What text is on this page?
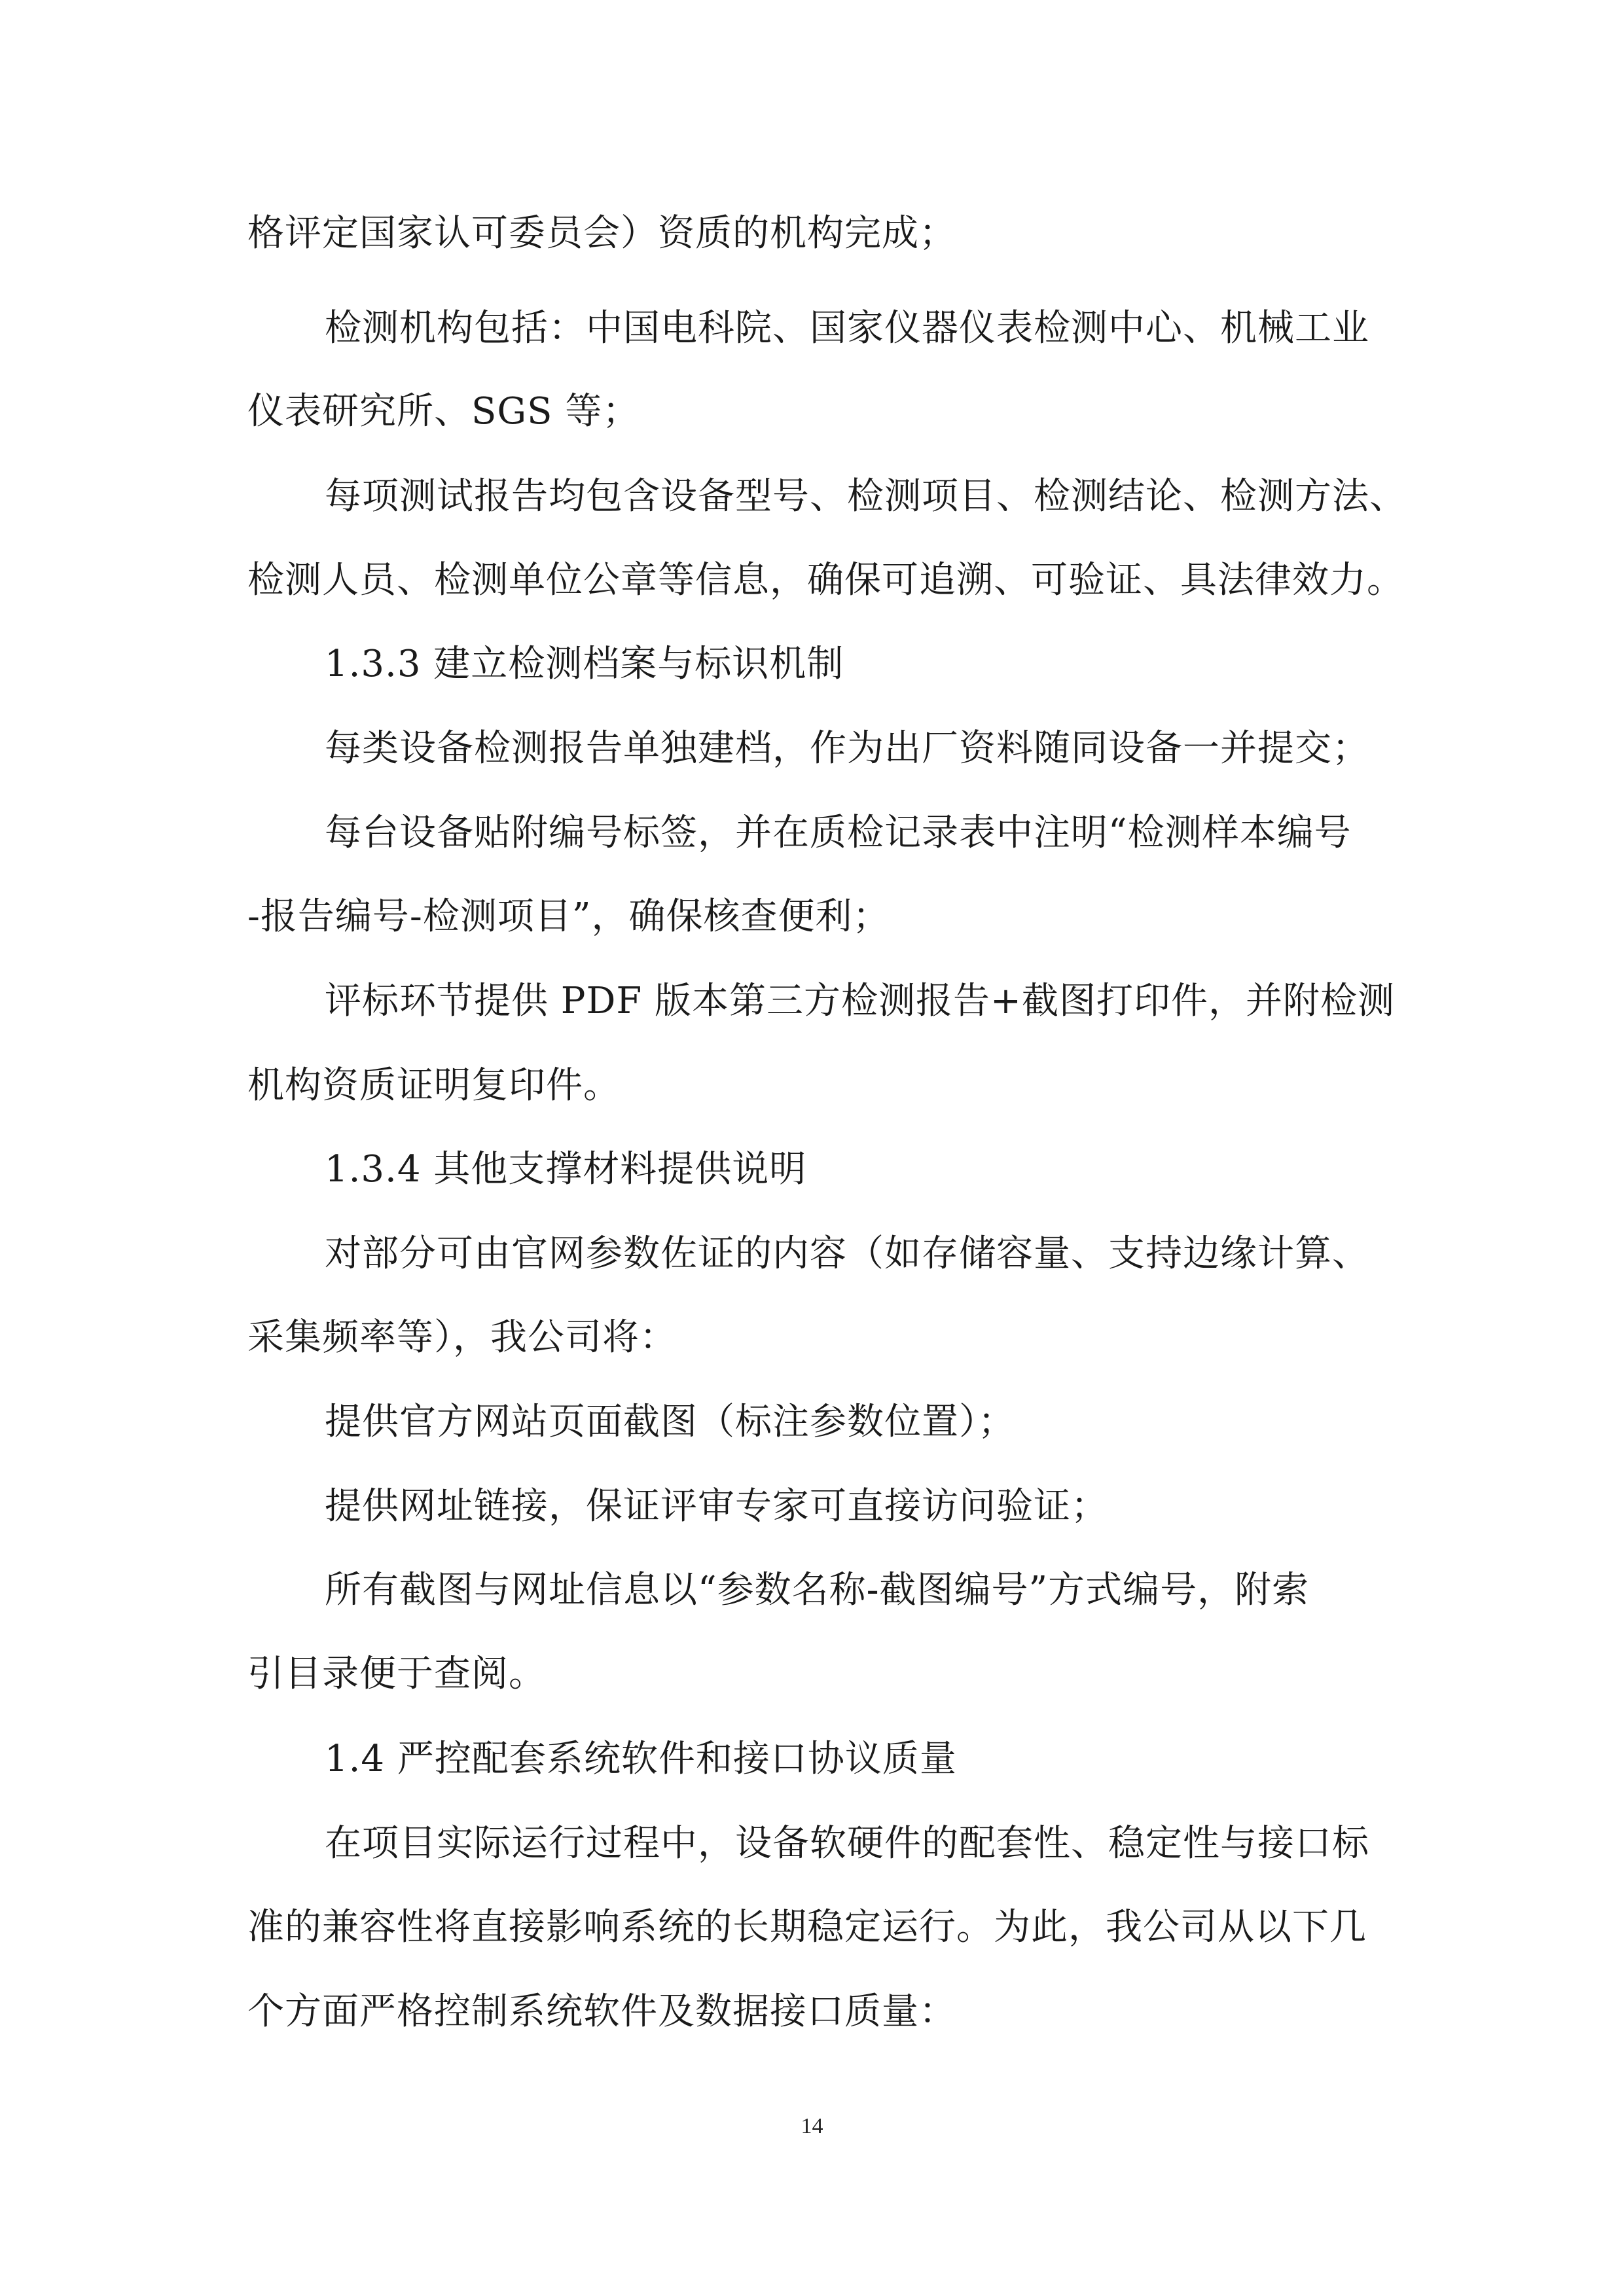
格评定国家认可委员会）资质的机构完成；
检测机构包括：中国电科院、国家仪器仪表检测中心、机械工业
仪表研究所、SGS 等；
每项测试报告均包含设备型号、检测项目、检测结论、检测方法、
检测人员、检测单位公章等信息，确保可追溯、可验证、具法律效力。
1.3.3 建立检测档案与标识机制
每类设备检测报告单独建档，作为出厂资料随同设备一并提交；
每台设备贴附编号标签，并在质检记录表中注明“检测样本编号
-报告编号-检测项目”，确保核查便利；
评标环节提供 PDF 版本第三方检测报告+截图打印件，并附检测
机构资质证明复印件。
1.3.4 其他支撑材料提供说明
对部分可由官网参数佐证的内容（如存储容量、支持边缘计算、
采集频率等），我公司将：
提供官方网站页面截图（标注参数位置）；
提供网址链接，保证评审专家可直接访问验证；
所有截图与网址信息以“参数名称-截图编号”方式编号，附索
引目录便于查阅。
1.4 严控配套系统软件和接口协议质量
在项目实际运行过程中，设备软硬件的配套性、稳定性与接口标
准的兼容性将直接影响系统的长期稳定运行。为此，我公司从以下几
个方面严格控制系统软件及数据接口质量：
14
